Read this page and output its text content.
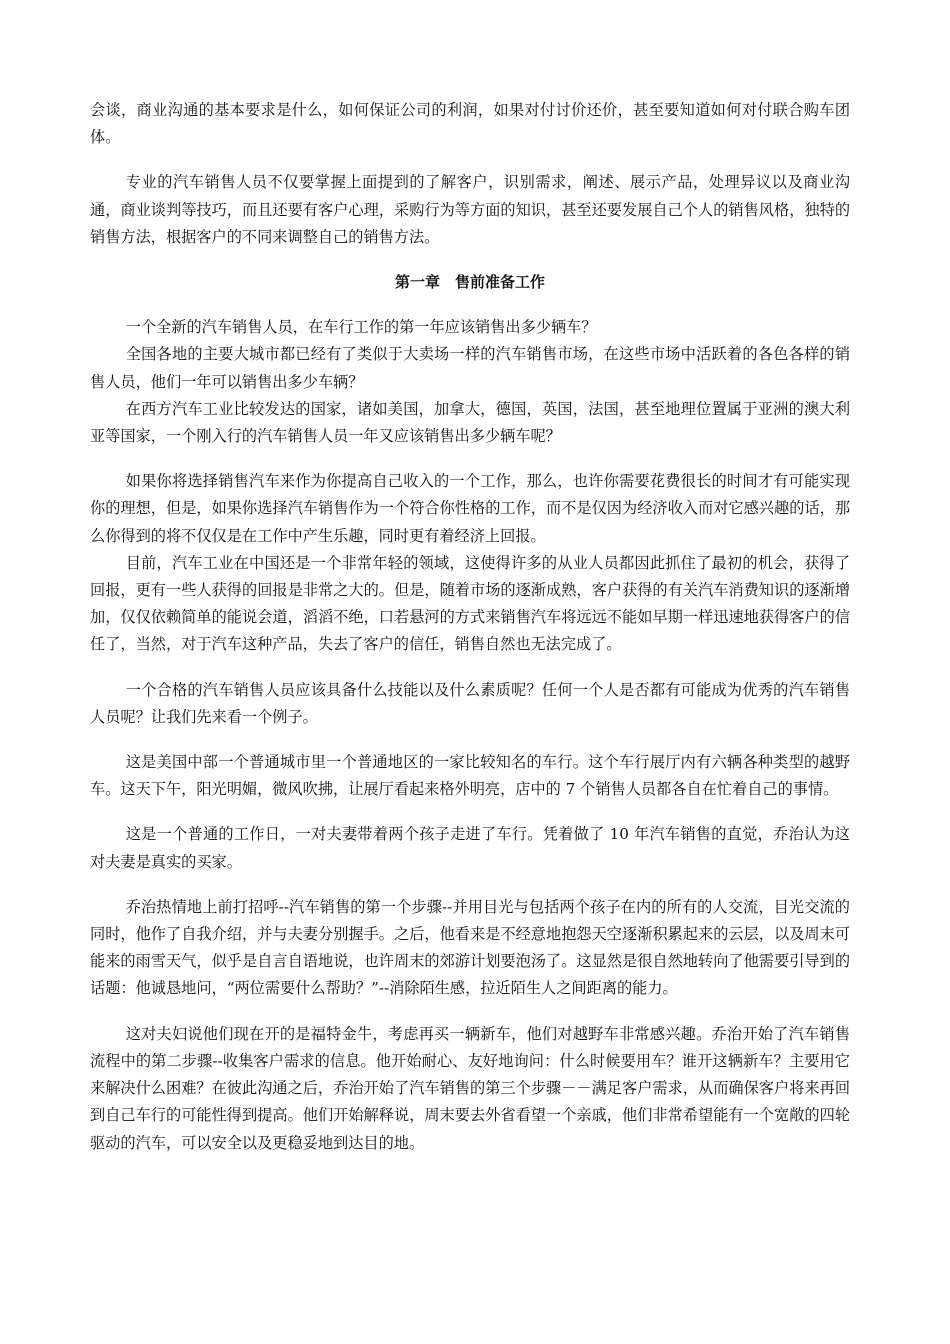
会谈，商业沟通的基本要求是什么，如何保证公司的利润，如果对付讨价还价，甚至要知道如何对付联合购车团体。

专业的汽车销售人员不仅要掌握上面提到的了解客户，识别需求，阐述、展示产品，处理异议以及商业沟通，商业谈判等技巧，而且还要有客户心理，采购行为等方面的知识，甚至还要发展自己个人的销售风格，独特的销售方法，根据客户的不同来调整自己的销售方法。

第一章　售前准备工作

一个全新的汽车销售人员，在车行工作的第一年应该销售出多少辆车？

全国各地的主要大城市都已经有了类似于大卖场一样的汽车销售市场，在这些市场中活跃着的各色各样的销售人员，他们一年可以销售出多少车辆？

在西方汽车工业比较发达的国家，诸如美国，加拿大，德国，英国，法国，甚至地理位置属于亚洲的澳大利亚等国家，一个刚入行的汽车销售人员一年又应该销售出多少辆车呢？

如果你将选择销售汽车来作为你提高自己收入的一个工作，那么，也许你需要花费很长的时间才有可能实现你的理想，但是，如果你选择汽车销售作为一个符合你性格的工作，而不是仅因为经济收入而对它感兴趣的话，那么你得到的将不仅仅是在工作中产生乐趣，同时更有着经济上回报。

目前，汽车工业在中国还是一个非常年轻的领域，这使得许多的从业人员都因此抓住了最初的机会，获得了回报，更有一些人获得的回报是非常之大的。但是，随着市场的逐渐成熟，客户获得的有关汽车消费知识的逐渐增加，仅仅依赖简单的能说会道，滔滔不绝，口若悬河的方式来销售汽车将远远不能如早期一样迅速地获得客户的信任了，当然，对于汽车这种产品，失去了客户的信任，销售自然也无法完成了。

一个合格的汽车销售人员应该具备什么技能以及什么素质呢？任何一个人是否都有可能成为优秀的汽车销售人员呢？让我们先来看一个例子。

这是美国中部一个普通城市里一个普通地区的一家比较知名的车行。这个车行展厅内有六辆各种类型的越野车。这天下午，阳光明媚，微风吹拂，让展厅看起来格外明亮，店中的 7 个销售人员都各自在忙着自己的事情。

这是一个普通的工作日，一对夫妻带着两个孩子走进了车行。凭着做了 10 年汽车销售的直觉，乔治认为这对夫妻是真实的买家。

乔治热情地上前打招呼--汽车销售的第一个步骤--并用目光与包括两个孩子在内的所有的人交流，目光交流的同时，他作了自我介绍，并与夫妻分别握手。之后，他看来是不经意地抱怨天空逐渐积累起来的云层，以及周末可能来的雨雪天气，似乎是自言自语地说，也许周末的郊游计划要泡汤了。这显然是很自然地转向了他需要引导到的话题：他诚恳地问，“两位需要什么帮助？”--消除陌生感，拉近陌生人之间距离的能力。

这对夫妇说他们现在开的是福特金牛，考虑再买一辆新车，他们对越野车非常感兴趣。乔治开始了汽车销售流程中的第二步骤--收集客户需求的信息。他开始耐心、友好地询问：什么时候要用车？谁开这辆新车？主要用它来解决什么困难？在彼此沟通之后，乔治开始了汽车销售的第三个步骤－－满足客户需求，从而确保客户将来再回到自己车行的可能性得到提高。他们开始解释说，周末要去外省看望一个亲戚，他们非常希望能有一个宽敞的四轮驱动的汽车，可以安全以及更稳妥地到达目的地。
